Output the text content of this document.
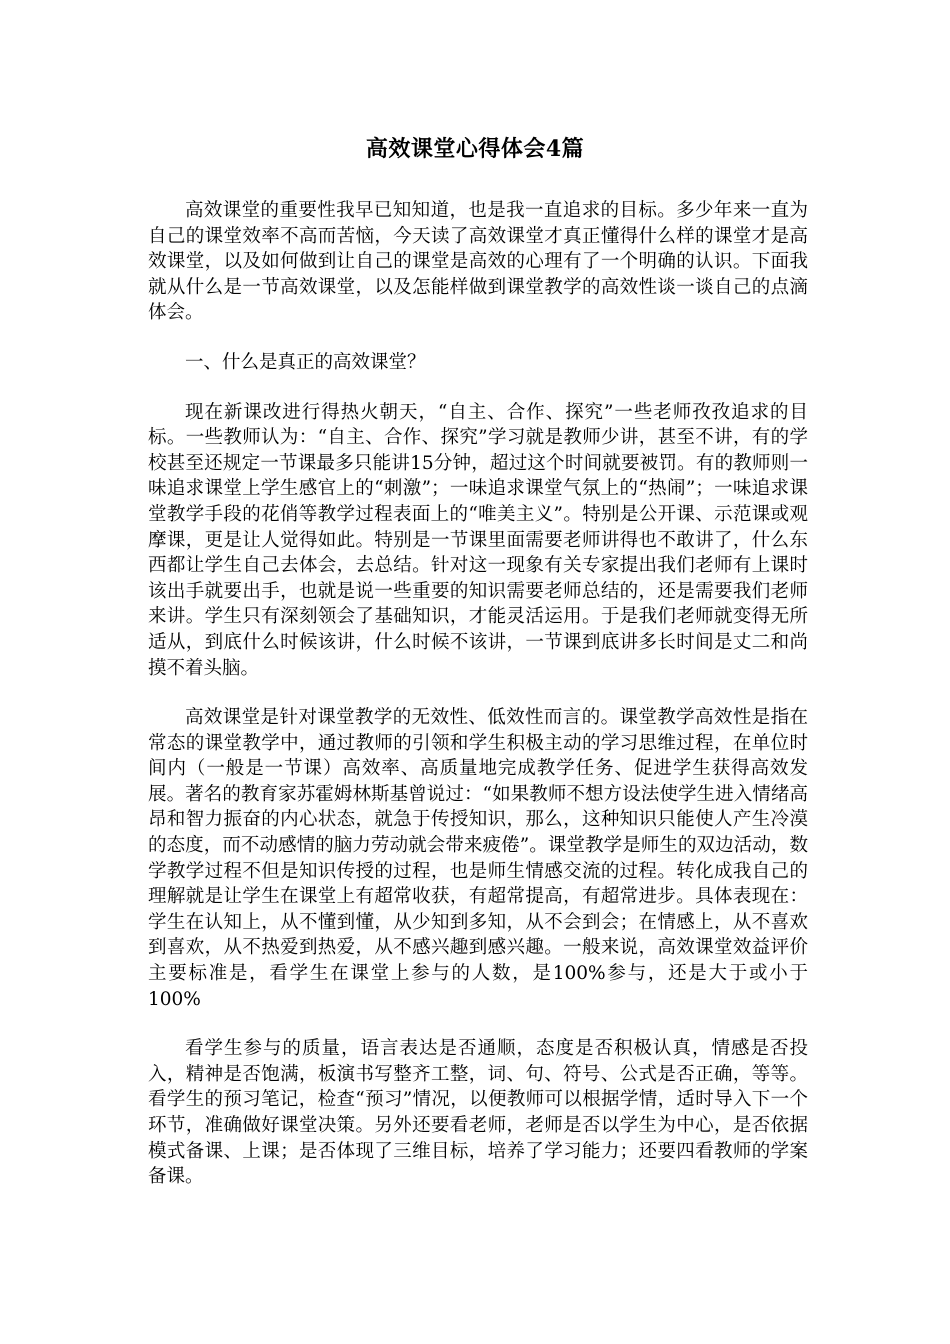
高效课堂心得体会4篇

高效课堂的重要性我早已知知道，也是我一直追求的目标。多少年来一直为自己的课堂效率不高而苦恼，今天读了高效课堂才真正懂得什么样的课堂才是高效课堂，以及如何做到让自己的课堂是高效的心理有了一个明确的认识。下面我就从什么是一节高效课堂，以及怎能样做到课堂教学的高效性谈一谈自己的点滴体会。

一、什么是真正的高效课堂？

现在新课改进行得热火朝天，“自主、合作、探究”一些老师孜孜追求的目标。一些教师认为：“自主、合作、探究”学习就是教师少讲，甚至不讲，有的学校甚至还规定一节课最多只能讲15分钟，超过这个时间就要被罚。有的教师则一味追求课堂上学生感官上的“刺激”；一味追求课堂气氛上的“热闹”；一味追求课堂教学手段的花俏等教学过程表面上的“唯美主义”。特别是公开课、示范课或观摩课，更是让人觉得如此。特别是一节课里面需要老师讲得也不敢讲了，什么东西都让学生自己去体会，去总结。针对这一现象有关专家提出我们老师有上课时该出手就要出手，也就是说一些重要的知识需要老师总结的，还是需要我们老师来讲。学生只有深刻领会了基础知识，才能灵活运用。于是我们老师就变得无所适从，到底什么时候该讲，什么时候不该讲，一节课到底讲多长时间是丈二和尚摸不着头脑。

高效课堂是针对课堂教学的无效性、低效性而言的。课堂教学高效性是指在常态的课堂教学中，通过教师的引领和学生积极主动的学习思维过程，在单位时间内（一般是一节课）高效率、高质量地完成教学任务、促进学生获得高效发展。著名的教育家苏霍姆林斯基曾说过：“如果教师不想方设法使学生进入情绪高昂和智力振奋的内心状态，就急于传授知识，那么，这种知识只能使人产生冷漠的态度，而不动感情的脑力劳动就会带来疲倦”。课堂教学是师生的双边活动，数学教学过程不但是知识传授的过程，也是师生情感交流的过程。转化成我自己的理解就是让学生在课堂上有超常收获，有超常提高，有超常进步。具体表现在：学生在认知上，从不懂到懂，从少知到多知，从不会到会；在情感上，从不喜欢到喜欢，从不热爱到热爱，从不感兴趣到感兴趣。一般来说，高效课堂效益评价主要标准是，看学生在课堂上参与的人数，是100%参与，还是大于或小于100%

看学生参与的质量，语言表达是否通顺，态度是否积极认真，情感是否投入，精神是否饱满，板演书写整齐工整，词、句、符号、公式是否正确，等等。看学生的预习笔记，检查“预习”情况，以便教师可以根据学情，适时导入下一个环节，准确做好课堂决策。另外还要看老师，老师是否以学生为中心，是否依据模式备课、上课；是否体现了三维目标，培养了学习能力；还要四看教师的学案备课。
